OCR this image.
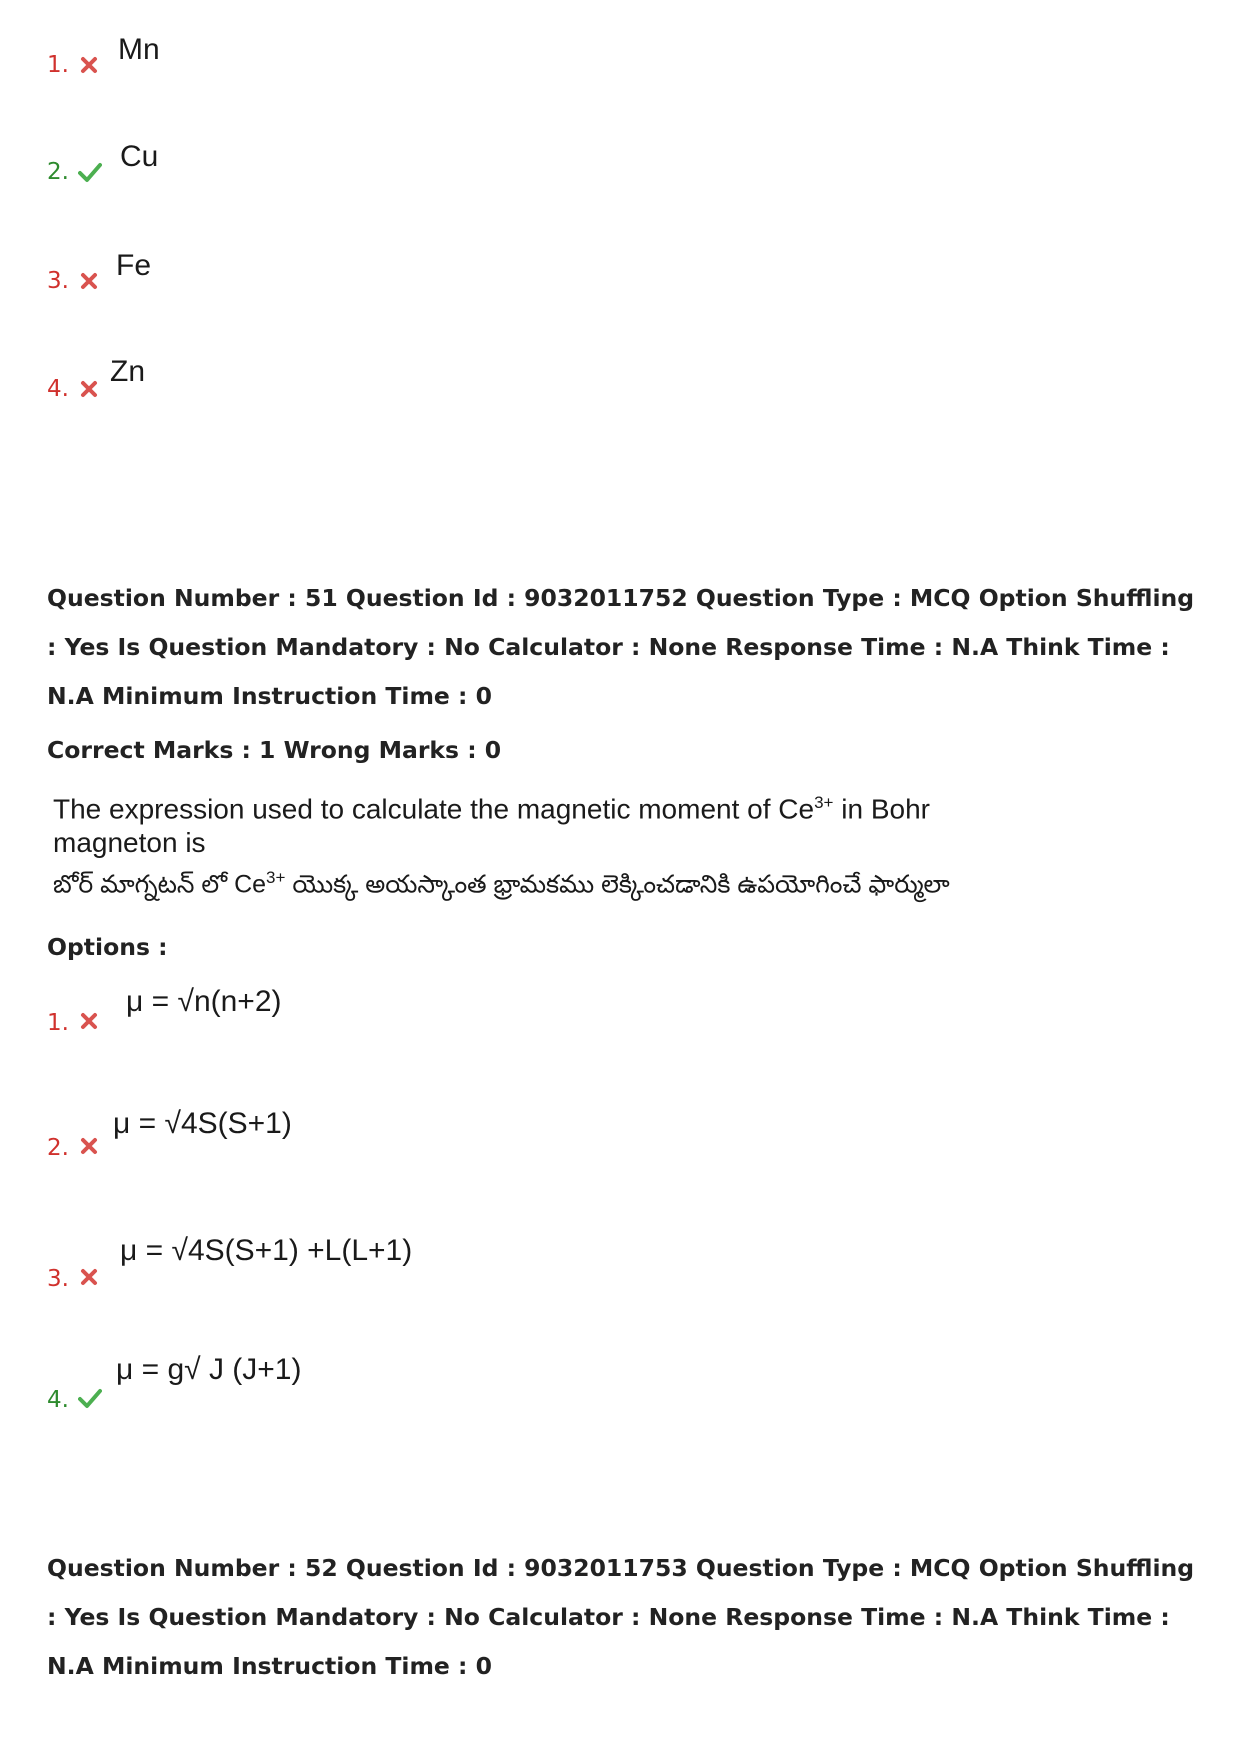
1. Mn
2. Cu
3. Fe
4.
Zn
Question Number : 51 Question Id : 9032011752 Question Type : MCQ Option Shuffling : Yes Is Question Mandatory : No Calculator : None Response Time : N.A Think Time : N.A Minimum Instruction Time : 0
Correct Marks : 1 Wrong Marks : 0
The expression used to calculate the magnetic moment of $Ce^{3+}$ in Bohr magneton is
బోర్ మాగ్నటన్ లో $Ce^{3+}$ యొక్క అయస్కాంత భ్రామకము లెక్కించడానికి ఉపయోగించే ఫార్ములా
Options :
1.
μ = √n(n+2)
2.
μ = √4S(S+1)
3.
μ = √4S(S+1) +L(L+1)
4.
μ = g√ J (J+1)
Question Number : 52 Question Id : 9032011753 Question Type : MCQ Option Shuffling : Yes Is Question Mandatory : No Calculator : None Response Time : N.A Think Time : N.A Minimum Instruction Time : 0
